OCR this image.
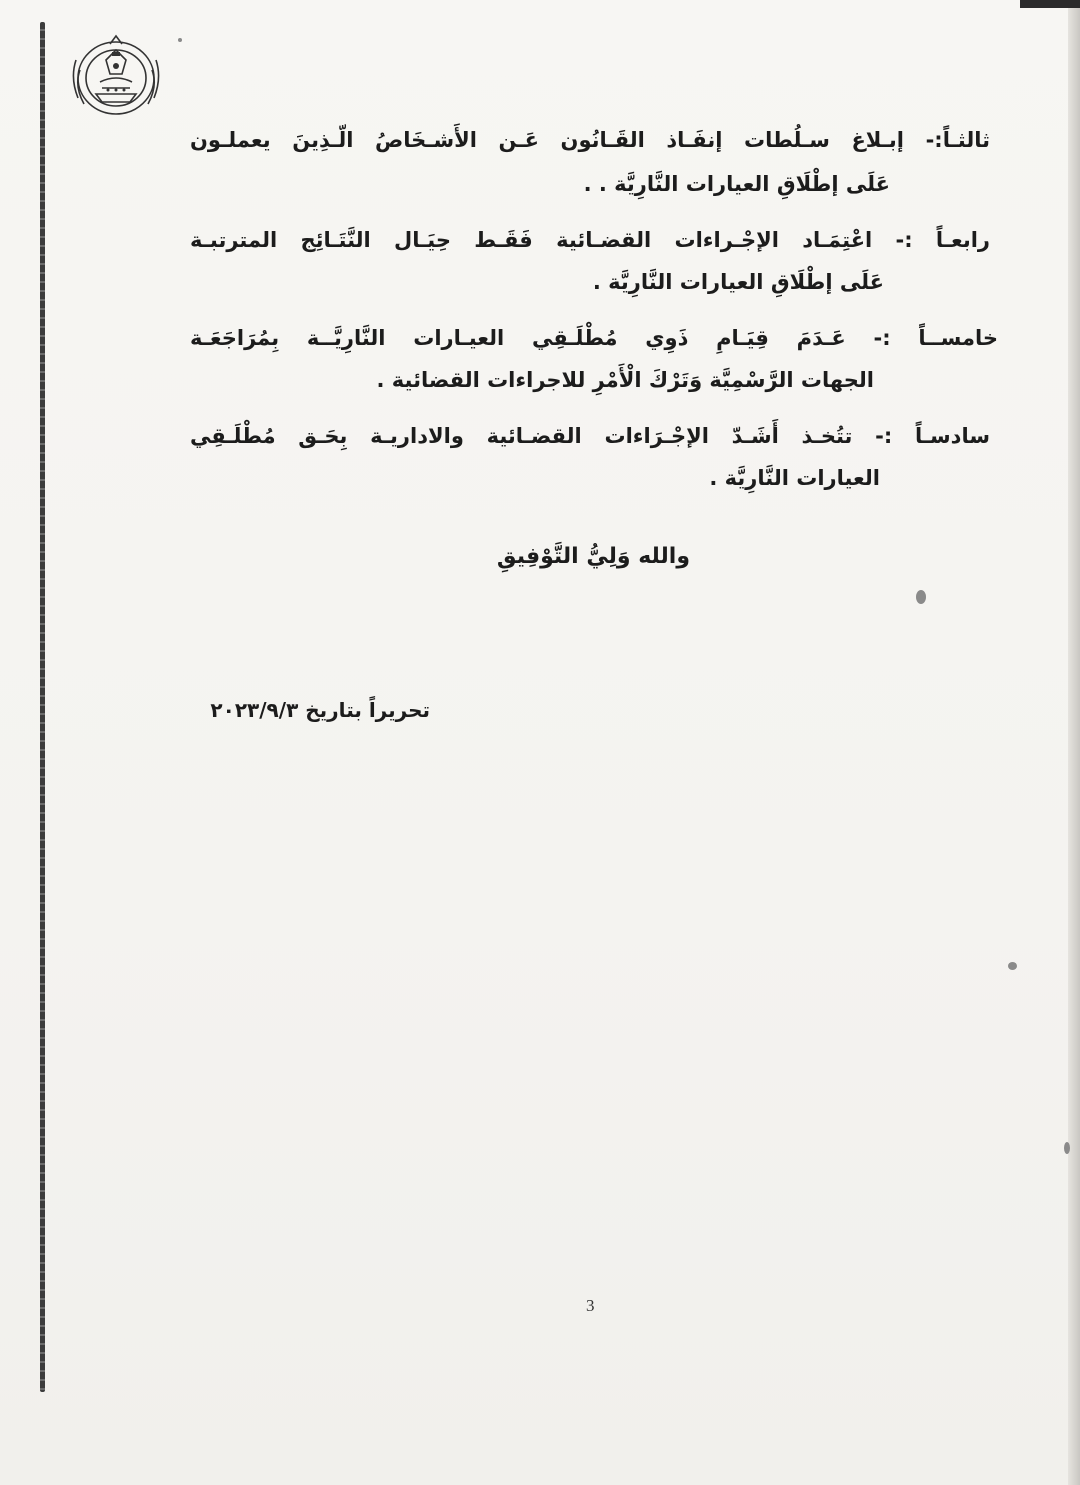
ثالثـاً:- إبـلاغ سـلُطات إنفَـاذ القَـانُون عَـن الأَشـخَاصُ الّـذِينَ يعملـون
عَلَى إطْلَاقِ العيارات النَّارِيَّة . .
رابعـاً :- اعْتِمَـاد الإجْـراءات القضـائية فَقَـط حِيَـال النَّتَـائِج المترتبـة
عَلَى إطْلَاقِ العيارات النَّارِيَّة .
خامســاً :- عَـدَمَ قِيَـامِ ذَوِي مُطْلَـقِي العيـارات النَّارِيَّــة بِمُرَاجَعَـة
الجهات الرَّسْمِيَّة وَتَرْكَ الْأَمْرِ للاجراءات القضائية .
سادسـاً :- تتُخـذ أَشَـدّ الإجْـرَاءات القضـائية والاداريـة بِحَـق مُطْلَـقِي
العيارات النَّارِيَّة .
والله وَلِيُّ التَّوْفِيقِ
تحريراً بتاريخ ٢٠٢٣/٩/٣
3
